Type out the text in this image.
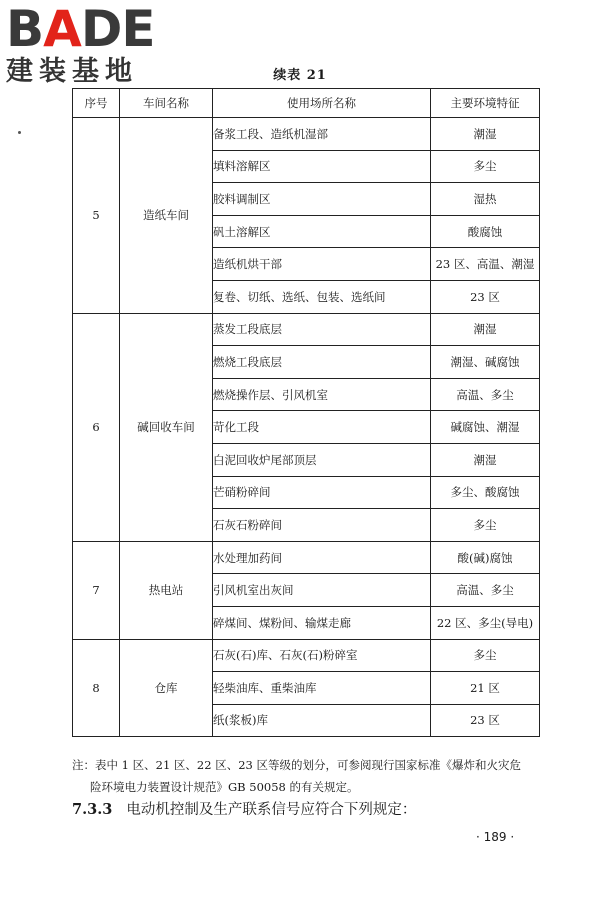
BADE
建装基地	续表 21
序号	车间名称	使用场所名称	主要环境特征
5	造纸车间	备浆工段、造纸机湿部	潮湿
		填料溶解区	多尘
		胶料调制区	湿热
		矾土溶解区	酸腐蚀
		造纸机烘干部	23 区、高温、潮湿
		复卷、切纸、选纸、包装、选纸间	23 区
6	碱回收车间	蒸发工段底层	潮湿
		燃烧工段底层	潮湿、碱腐蚀
		燃烧操作层、引风机室	高温、多尘
		苛化工段	碱腐蚀、潮湿
		白泥回收炉尾部顶层	潮湿
		芒硝粉碎间	多尘、酸腐蚀
		石灰石粉碎间	多尘
7	热电站	水处理加药间	酸(碱)腐蚀
		引风机室出灰间	高温、多尘
		碎煤间、煤粉间、输煤走廊	22 区、多尘(导电)
8	仓库	石灰(石)库、石灰(石)粉碎室	多尘
		轻柴油库、重柴油库	21 区
		纸(浆板)库	23 区
注：表中 1 区、21 区、22 区、23 区等级的划分，可参阅现行国家标准《爆炸和火灾危
险环境电力装置设计规范》GB 50058 的有关规定。
7.3.3 电动机控制及生产联系信号应符合下列规定：
· 189 ·
